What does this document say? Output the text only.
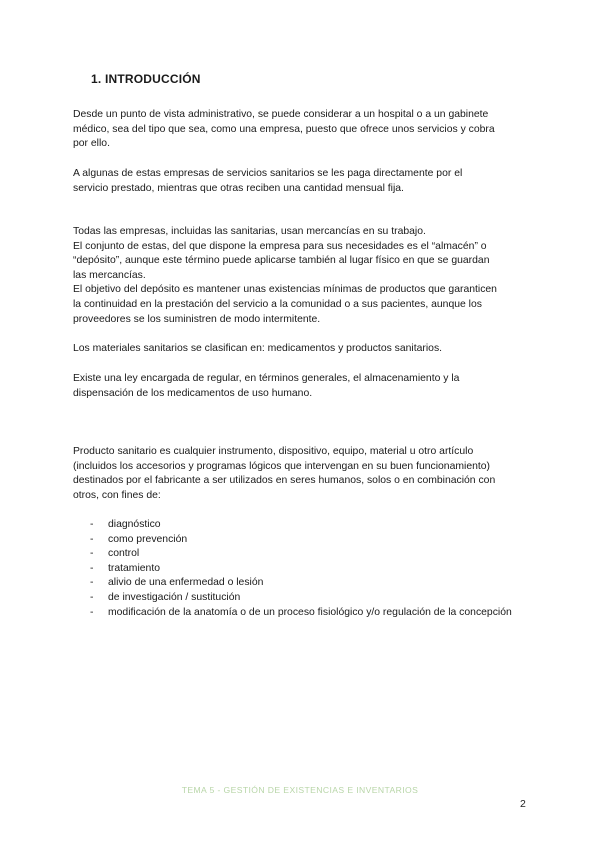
1. INTRODUCCIÓN
Desde un punto de vista administrativo, se puede considerar a un hospital o a un gabinete
médico, sea del tipo que sea, como una empresa, puesto que ofrece unos servicios y cobra
por ello.
A algunas de estas empresas de servicios sanitarios se les paga directamente por el
servicio prestado, mientras que otras reciben una cantidad mensual fija.
Todas las empresas, incluidas las sanitarias, usan mercancías en su trabajo.
El conjunto de estas, del que dispone la empresa para sus necesidades es el “almacén” o
“depósito”, aunque este término puede aplicarse también al lugar físico en que se guardan
las mercancías.
El objetivo del depósito es mantener unas existencias mínimas de productos que garanticen
la continuidad en la prestación del servicio a la comunidad o a sus pacientes, aunque los
proveedores se los suministren de modo intermitente.
Los materiales sanitarios se clasifican en: medicamentos y productos sanitarios.
Existe una ley encargada de regular, en términos generales, el almacenamiento y la
dispensación de los medicamentos de uso humano.
Producto sanitario es cualquier instrumento, dispositivo, equipo, material u otro artículo
(incluidos los accesorios y programas lógicos que intervengan en su buen funcionamiento)
destinados por el fabricante a ser utilizados en seres humanos, solos o en combinación con
otros, con fines de:
- diagnóstico
- como prevención
- control
- tratamiento
- alivio de una enfermedad o lesión
- de investigación / sustitución
- modificación de la anatomía o de un proceso fisiológico y/o regulación de la concepción
TEMA 5 - GESTIÓN DE EXISTENCIAS E INVENTARIOS
2
